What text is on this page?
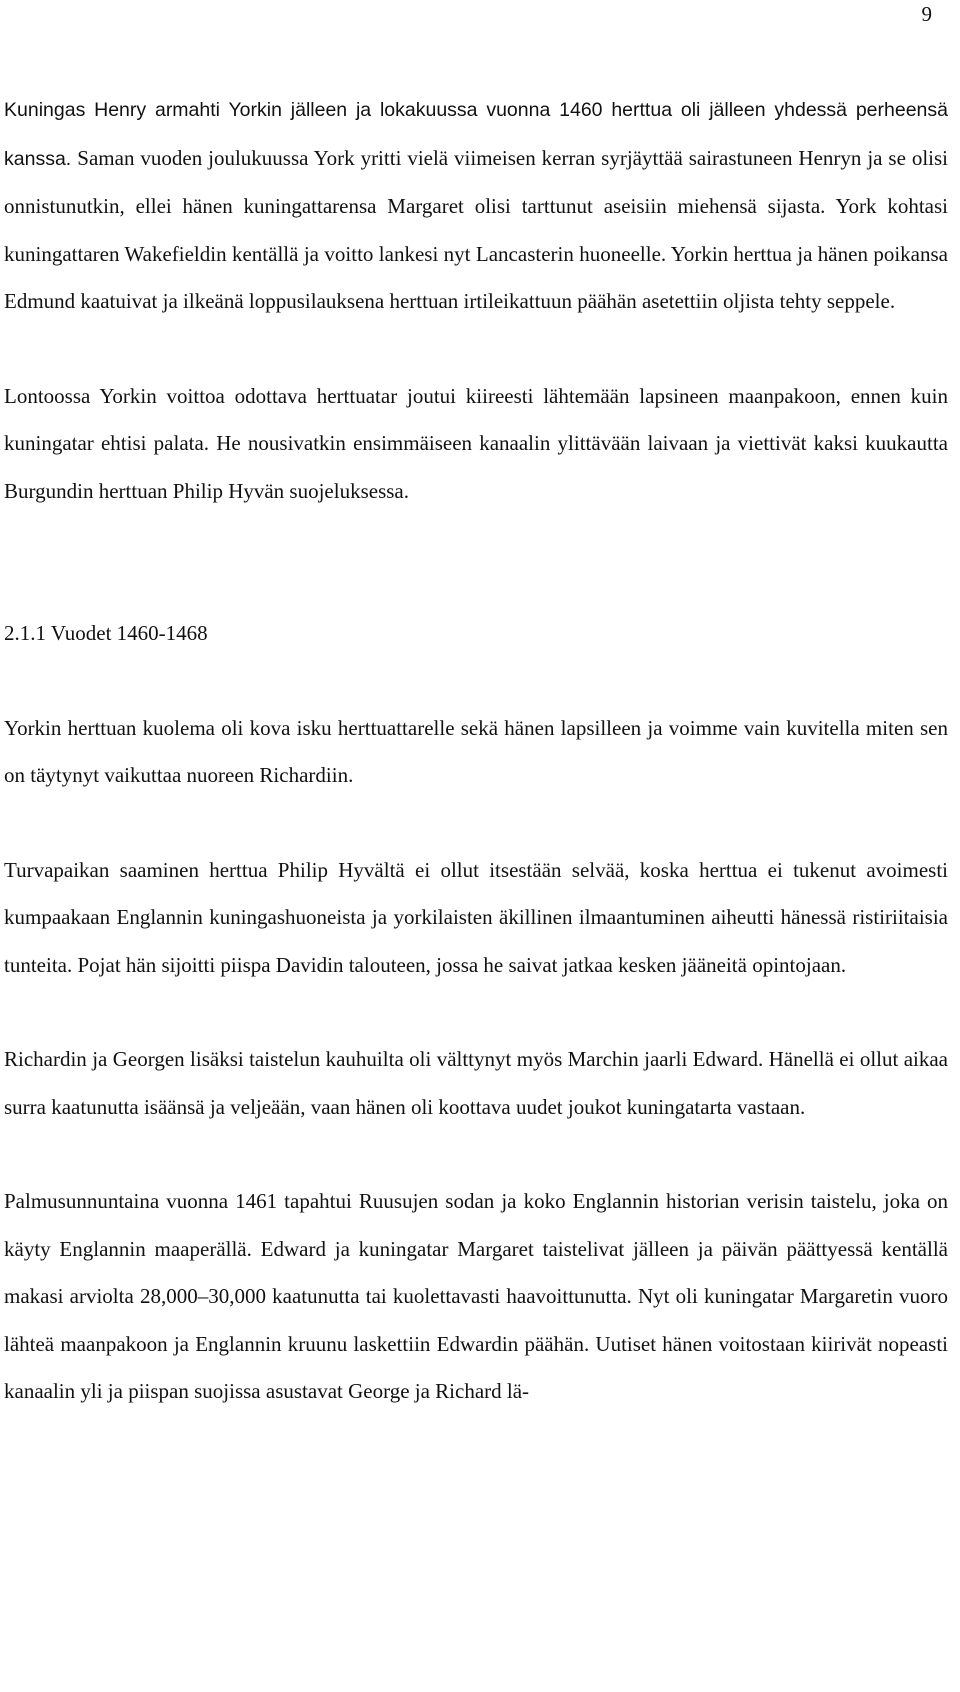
9

Kuningas Henry armahti Yorkin jälleen ja lokakuussa vuonna 1460 herttua oli jälleen yhdessä perheensä kanssa. Saman vuoden joulukuussa York yritti vielä viimeisen kerran syrjäyttää sairastuneen Henryn ja se olisi onnistunutkin, ellei hänen kuningattarensa Margaret olisi tarttunut aseisiin miehensä sijasta. York kohtasi kuningattaren Wakefieldin kentällä ja voitto lankesi nyt Lancasterin huoneelle. Yorkin herttua ja hänen poikansa Edmund kaatuivat ja ilkeänä loppusilauksena herttuan irtileikattuun päähän asetettiin oljista tehty seppele.

Lontoossa Yorkin voittoa odottava herttuatar joutui kiireesti lähtemään lapsineen maanpakoon, ennen kuin kuningatar ehtisi palata. He nousivatkin ensimmäiseen kanaalin ylittävään laivaan ja viettivät kaksi kuukautta Burgundin herttuan Philip Hyvän suojeluksessa.

2.1.1 Vuodet 1460-1468

Yorkin herttuan kuolema oli kova isku herttuattarelle sekä hänen lapsilleen ja voimme vain kuvitella miten sen on täytynyt vaikuttaa nuoreen Richardiin.

Turvapaikan saaminen herttua Philip Hyvältä ei ollut itsestään selvää, koska herttua ei tukenut avoimesti kumpaakaan Englannin kuningashuoneista ja yorkilaisten äkillinen ilmaantuminen aiheutti hänessä ristiriitaisia tunteita. Pojat hän sijoitti piispa Davidin talouteen, jossa he saivat jatkaa kesken jääneitä opintojaan.

Richardin ja Georgen lisäksi taistelun kauhuilta oli välttynyt myös Marchin jaarli Edward. Hänellä ei ollut aikaa surra kaatunutta isäänsä ja veljeään, vaan hänen oli koottava uudet joukot kuningatarta vastaan.

Palmusunnuntaina vuonna 1461 tapahtui Ruusujen sodan ja koko Englannin historian verisin taistelu, joka on käyty Englannin maaperällä. Edward ja kuningatar Margaret taistelivat jälleen ja päivän päättyessä kentällä makasi arviolta 28,000–30,000 kaatunutta tai kuolettavasti haavoittunutta. Nyt oli kuningatar Margaretin vuoro lähteä maanpakoon ja Englannin kruunu laskettiin Edwardin päähän. Uutiset hänen voitostaan kiirivät nopeasti kanaalin yli ja piispan suojissa asustavat George ja Richard lä-
